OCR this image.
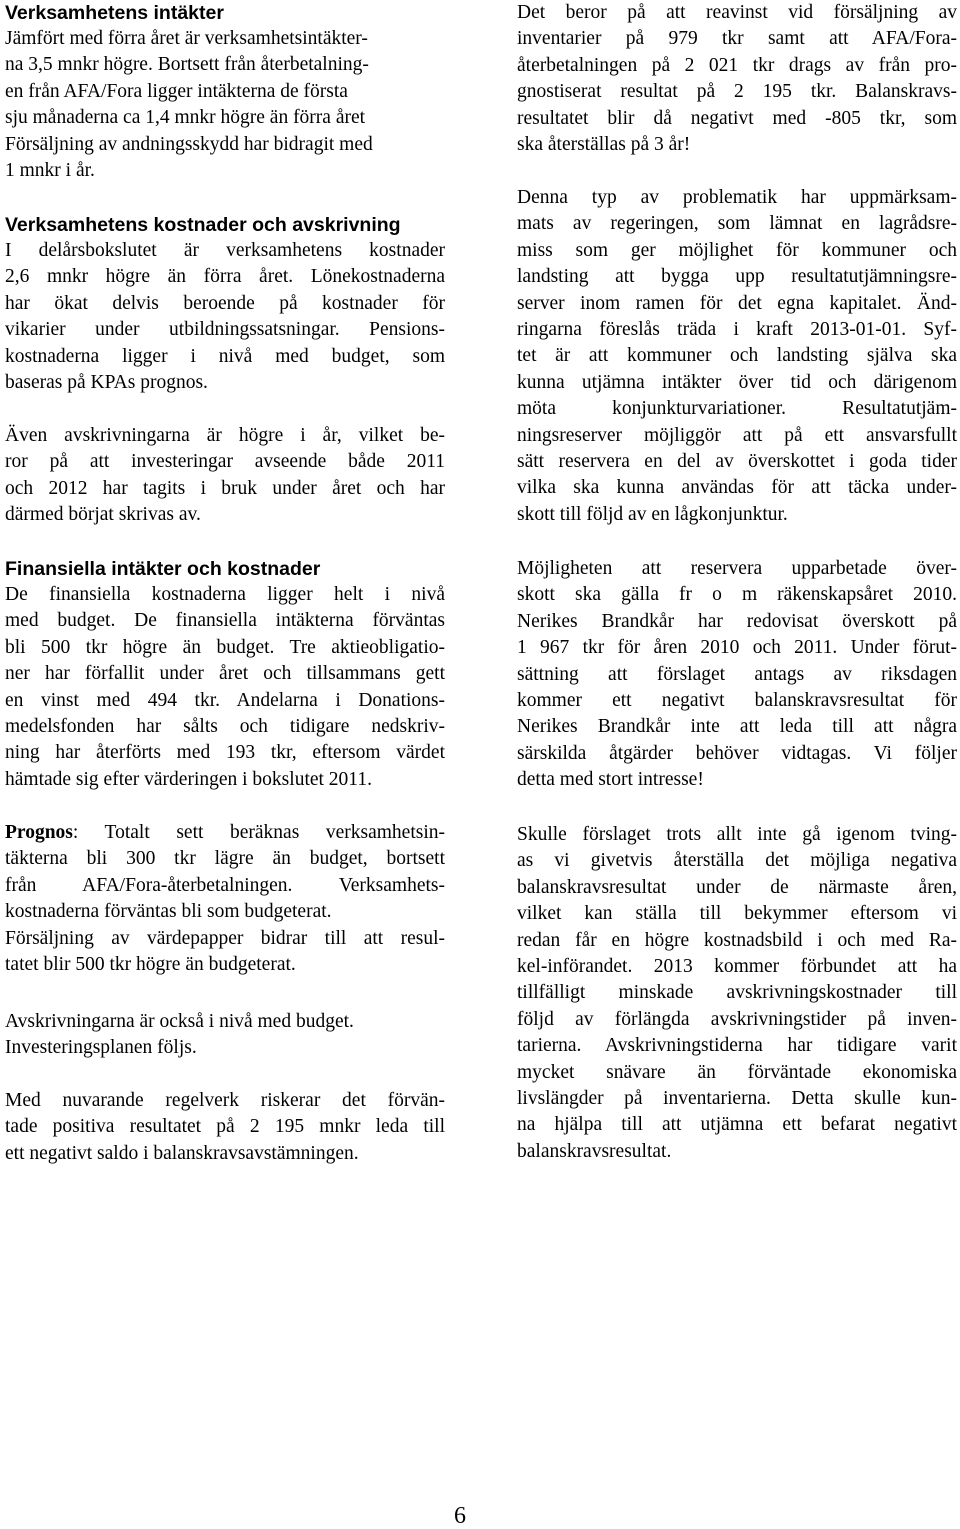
Verksamhetens intäkter
Jämfört med förra året är verksamhetsintäkter-
na 3,5 mnkr högre. Bortsett från återbetalning-
en från AFA/Fora ligger intäkterna de första
sju månaderna ca 1,4 mnkr högre än förra året
Försäljning av andningsskydd har bidragit med
1 mnkr i år.
Verksamhetens kostnader och avskrivning
I delårsbokslutet är verksamhetens kostnader
2,6 mnkr högre än förra året. Lönekostnaderna
har ökat delvis beroende på kostnader för
vikarier under utbildningssatsningar. Pensions-
kostnaderna ligger i nivå med budget, som
baseras på KPAs prognos.
Även avskrivningarna är högre i år, vilket be-
ror på att investeringar avseende både 2011
och 2012 har tagits i bruk under året och har
därmed börjat skrivas av.
Finansiella intäkter och kostnader
De finansiella kostnaderna ligger helt i nivå
med budget. De finansiella intäkterna förväntas
bli 500 tkr högre än budget. Tre aktieobligatio-
ner har förfallit under året och tillsammans gett
en vinst med 494 tkr. Andelarna i Donations-
medelsfonden har sålts och tidigare nedskriv-
ning har återförts med 193 tkr, eftersom värdet
hämtade sig efter värderingen i bokslutet 2011.
Prognos: Totalt sett beräknas verksamhetsin-
täkterna bli 300 tkr lägre än budget, bortsett
från AFA/Fora-återbetalningen. Verksamhets-
kostnaderna förväntas bli som budgeterat.
Försäljning av värdepapper bidrar till att resul-
tatet blir 500 tkr högre än budgeterat.
Avskrivningarna är också i nivå med budget.
Investeringsplanen följs.
Med nuvarande regelverk riskerar det förvän-
tade positiva resultatet på 2 195 mnkr leda till
ett negativt saldo i balanskravsavstämningen.
Det beror på att reavinst vid försäljning av
inventarier på 979 tkr samt att AFA/Fora-
återbetalningen på 2 021 tkr drags av från pro-
gnostiserat resultat på 2 195 tkr. Balanskravs-
resultatet blir då negativt med -805 tkr, som
ska återställas på 3 år!
Denna typ av problematik har uppmärksam-
mats av regeringen, som lämnat en lagrådsre-
miss som ger möjlighet för kommuner och
landsting att bygga upp resultatutjämningsre-
server inom ramen för det egna kapitalet. Änd-
ringarna föreslås träda i kraft 2013-01-01. Syf-
tet är att kommuner och landsting själva ska
kunna utjämna intäkter över tid och därigenom
möta konjunkturvariationer. Resultatutjäm-
ningsreserver möjliggör att på ett ansvarsfullt
sätt reservera en del av överskottet i goda tider
vilka ska kunna användas för att täcka under-
skott till följd av en lågkonjunktur.
Möjligheten att reservera upparbetade över-
skott ska gälla fr o m räkenskapsåret 2010.
Nerikes Brandkår har redovisat överskott på
1 967 tkr för åren 2010 och 2011. Under förut-
sättning att förslaget antags av riksdagen
kommer ett negativt balanskravsresultat för
Nerikes Brandkår inte att leda till att några
särskilda åtgärder behöver vidtagas. Vi följer
detta med stort intresse!
Skulle förslaget trots allt inte gå igenom tving-
as vi givetvis återställa det möjliga negativa
balanskravsresultat under de närmaste åren,
vilket kan ställa till bekymmer eftersom vi
redan får en högre kostnadsbild i och med Ra-
kel-införandet. 2013 kommer förbundet att ha
tillfälligt minskade avskrivningskostnader till
följd av förlängda avskrivningstider på inven-
tarierna. Avskrivningstiderna har tidigare varit
mycket snävare än förväntade ekonomiska
livslängder på inventarierna. Detta skulle kun-
na hjälpa till att utjämna ett befarat negativt
balanskravsresultat.
6
